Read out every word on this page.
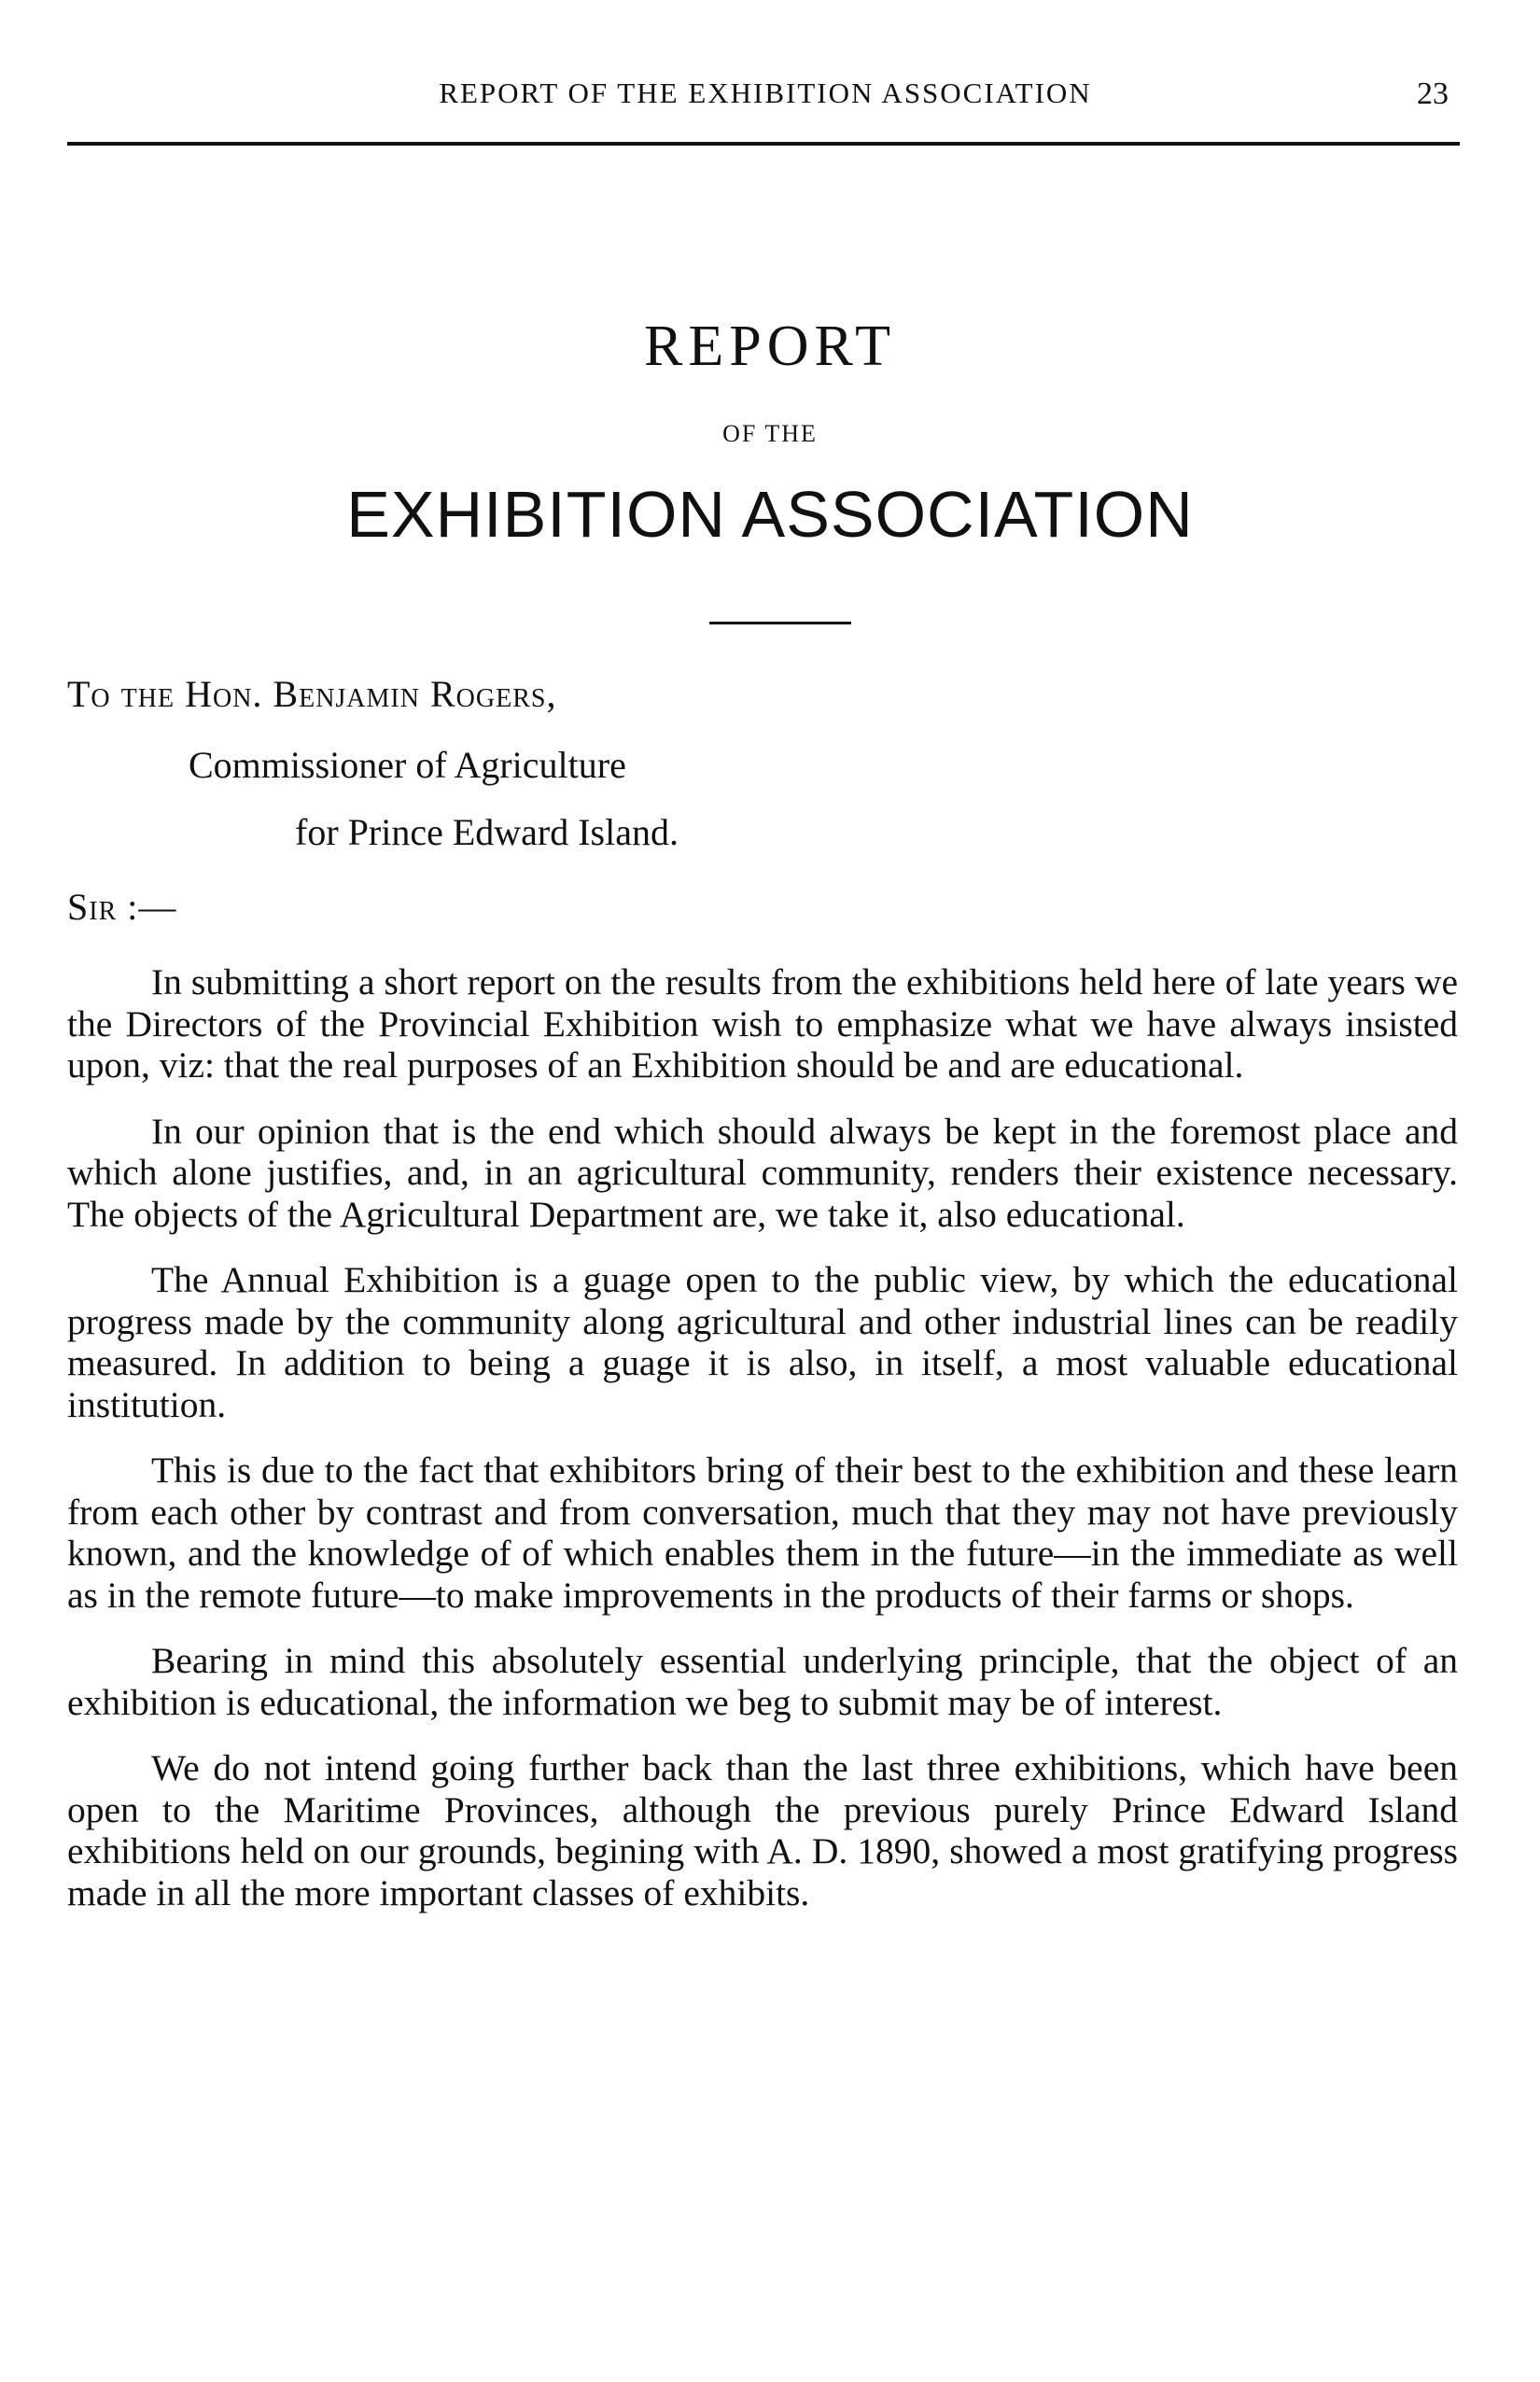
REPORT OF THE EXHIBITION ASSOCIATION	23
REPORT
OF THE
EXHIBITION ASSOCIATION
To the Hon. Benjamin Rogers,
Commissioner of Agriculture
for Prince Edward Island.
Sir :—

In submitting a short report on the results from the exhibitions held here of late years we the Directors of the Provincial Exhibition wish to emphasize what we have always insisted upon, viz: that the real purposes of an Exhibition should be and are educational.

In our opinion that is the end which should always be kept in the foremost place and which alone justifies, and, in an agricultural community, renders their existence necessary. The objects of the Agricultural Department are, we take it, also educational.

The Annual Exhibition is a guage open to the public view, by which the educational progress made by the community along agricultural and other industrial lines can be readily measured. In addition to being a guage it is also, in itself, a most valuable educational institution.

This is due to the fact that exhibitors bring of their best to the exhibition and these learn from each other by contrast and from conversation, much that they may not have previously known, and the knowledge of of which enables them in the future—in the immediate as well as in the remote future—to make improvements in the products of their farms or shops.

Bearing in mind this absolutely essential underlying principle, that the object of an exhibition is educational, the information we beg to submit may be of interest.

We do not intend going further back than the last three exhibitions, which have been open to the Maritime Provinces, although the previous purely Prince Edward Island exhibitions held on our grounds, begining with A. D. 1890, showed a most gratifying progress made in all the more important classes of exhibits.
